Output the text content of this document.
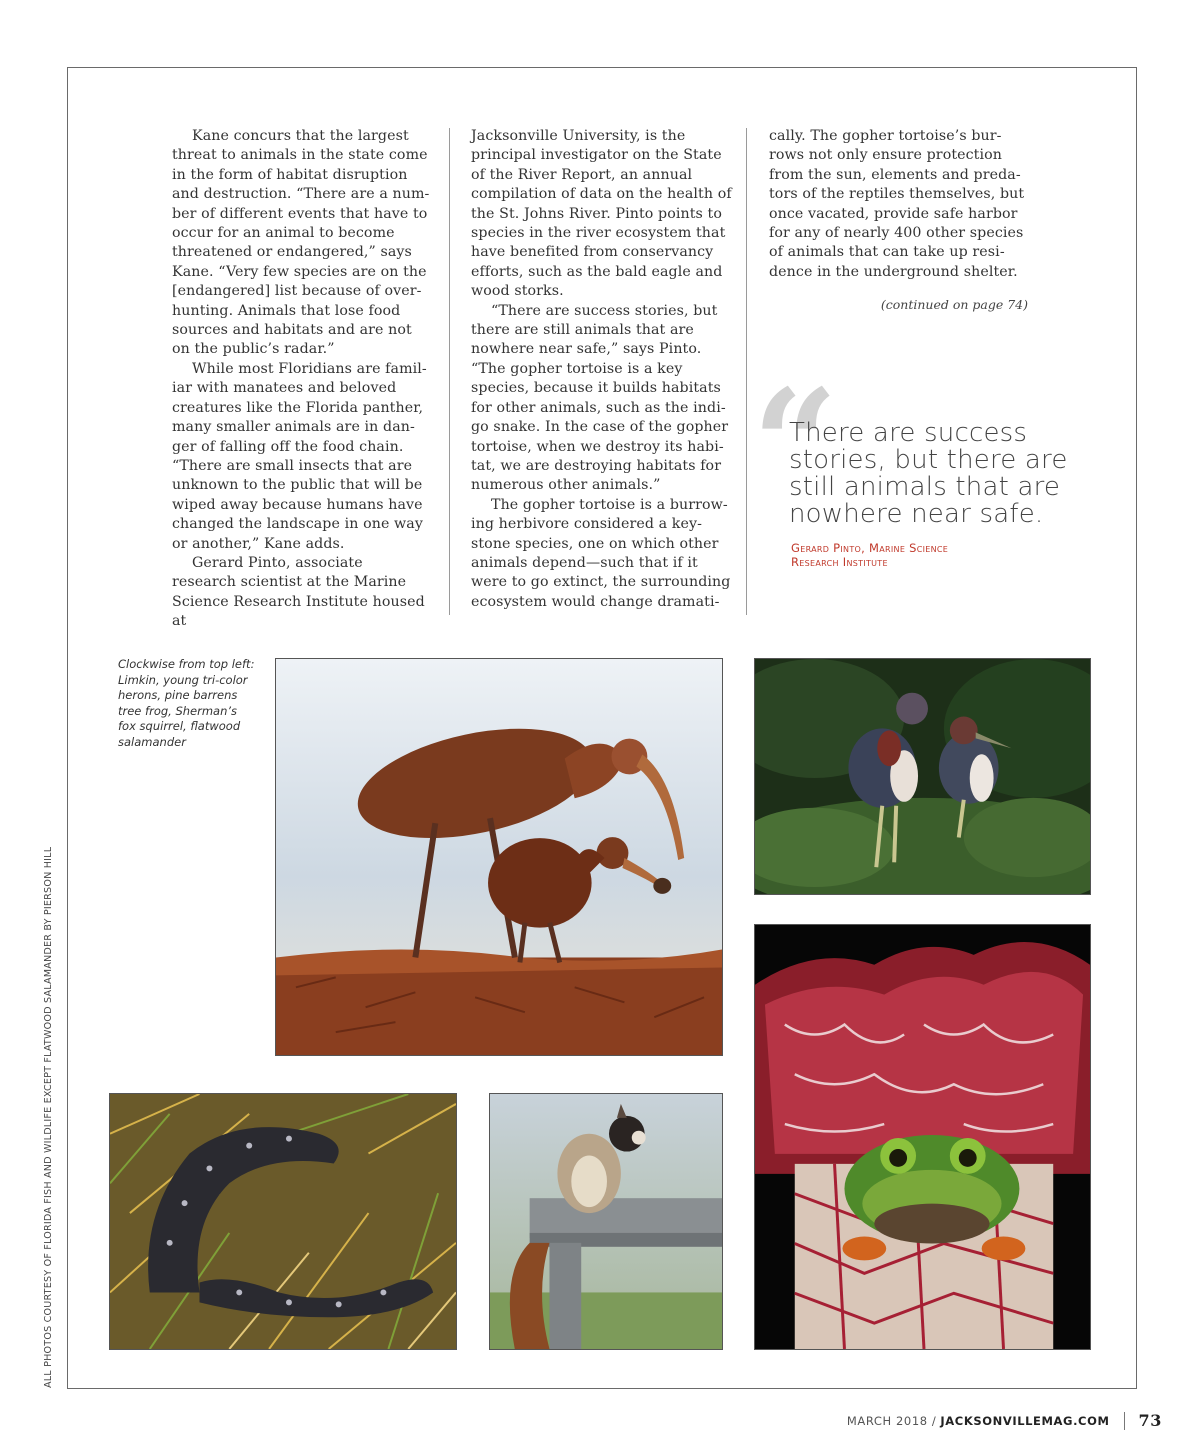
Kane concurs that the largest threat to animals in the state come in the form of habitat disruption and destruction. “There are a num-ber of different events that have to occur for an animal to become threatened or endangered,” says Kane. “Very few species are on the [endangered] list because of over-hunting. Animals that lose food sources and habitats and are not on the public’s radar.”

While most Floridians are famil-iar with manatees and beloved creatures like the Florida panther, many smaller animals are in dan-ger of falling off the food chain. “There are small insects that are unknown to the public that will be wiped away because humans have changed the landscape in one way or another,” Kane adds.

Gerard Pinto, associate research scientist at the Marine Science Research Institute housed at

Jacksonville University, is the principal investigator on the State of the River Report, an annual compilation of data on the health of the St. Johns River. Pinto points to species in the river ecosystem that have benefited from conservancy efforts, such as the bald eagle and wood storks.

“There are success stories, but there are still animals that are nowhere near safe,” says Pinto. “The gopher tortoise is a key species, because it builds habitats for other animals, such as the indi-go snake. In the case of the gopher tortoise, when we destroy its habi-tat, we are destroying habitats for numerous other animals.”

The gopher tortoise is a burrow-ing herbivore considered a key-stone species, one on which other animals depend—such that if it were to go extinct, the surrounding ecosystem would change dramati-

cally. The gopher tortoise’s bur-rows not only ensure protection from the sun, elements and preda-tors of the reptiles themselves, but once vacated, provide safe harbor for any of nearly 400 other species of animals that can take up resi-dence in the underground shelter.

(continued on page 74)
“
There are success stories, but there are still animals that are nowhere near safe.
Gerard Pinto, Marine Science
Research Institute
Clockwise from top left: Limkin, young tri-color herons, pine barrens tree frog, Sherman’s fox squirrel, flatwood salamander
ALL PHOTOS COURTESY OF FLORIDA FISH AND WILDLIFE EXCEPT FLATWOOD SALAMANDER BY PIERSON HILL
MARCH 2018 / JACKSONVILLEMAG.COM 73
